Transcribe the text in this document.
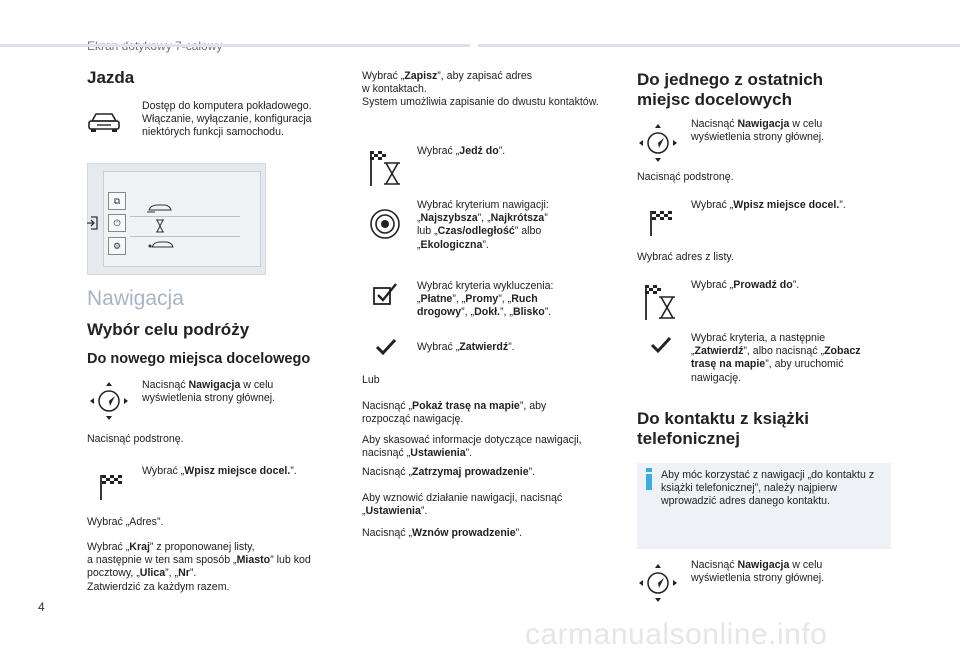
Jazda
Dostęp do komputera pokładowego. Włączanie, wyłączanie, konfiguracja niektórych funkcji samochodu.
⧉
⏻
⚙
Nawigacja
Wybór celu podróży
Do nowego miejsca docelowego
Nacisnąć Nawigacja w celu wyświetlenia strony głównej.
Nacisnąć podstronę.
Wybrać „Wpisz miejsce docel.”.
Wybrać „Adres”.
Wybrać „Kraj” z proponowanej listy,
a następnie w ten sam sposób „Miasto” lub kod
pocztowy, „Ulica”, „Nr”.
Zatwierdzić za każdym razem.
Wybrać „Zapisz”, aby zapisać adres
w kontaktach.
System umożliwia zapisanie do dwustu kontaktów.
Wybrać „Jedź do”.
Wybrać kryterium nawigacji:
„Najszybsza”, „Najkrótsza”
lub „Czas/odległość” albo
„Ekologiczna”.
Wybrać kryteria wykluczenia:
„Płatne”, „Promy”, „Ruch
drogowy”, „Dokł.”, „Blisko”.
Wybrać „Zatwierdź”.
Lub
Nacisnąć „Pokaż trasę na mapie”, aby
rozpocząć nawigację.
Aby skasować informacje dotyczące nawigacji,
nacisnąć „Ustawienia”.
Nacisnąć „Zatrzymaj prowadzenie”.
Aby wznowić działanie nawigacji, nacisnąć
„Ustawienia”.
Nacisnąć „Wznów prowadzenie”.
Do jednego z ostatnich
miejsc docelowych
Nacisnąć Nawigacja w celu
wyświetlenia strony głównej.
Nacisnąć podstronę.
Wybrać „Wpisz miejsce docel.”.
Wybrać adres z listy.
Wybrać „Prowadź do”.
Wybrać kryteria, a następnie
„Zatwierdź”, albo nacisnąć „Zobacz
trasę na mapie”, aby uruchomić
nawigację.
Do kontaktu z książki
telefonicznej
Aby móc korzystać z nawigacji „do kontaktu z książki telefonicznej”, należy najpierw wprowadzić adres danego kontaktu.
Nacisnąć Nawigacja w celu
wyświetlenia strony głównej.
4
carmanualsonline.info
